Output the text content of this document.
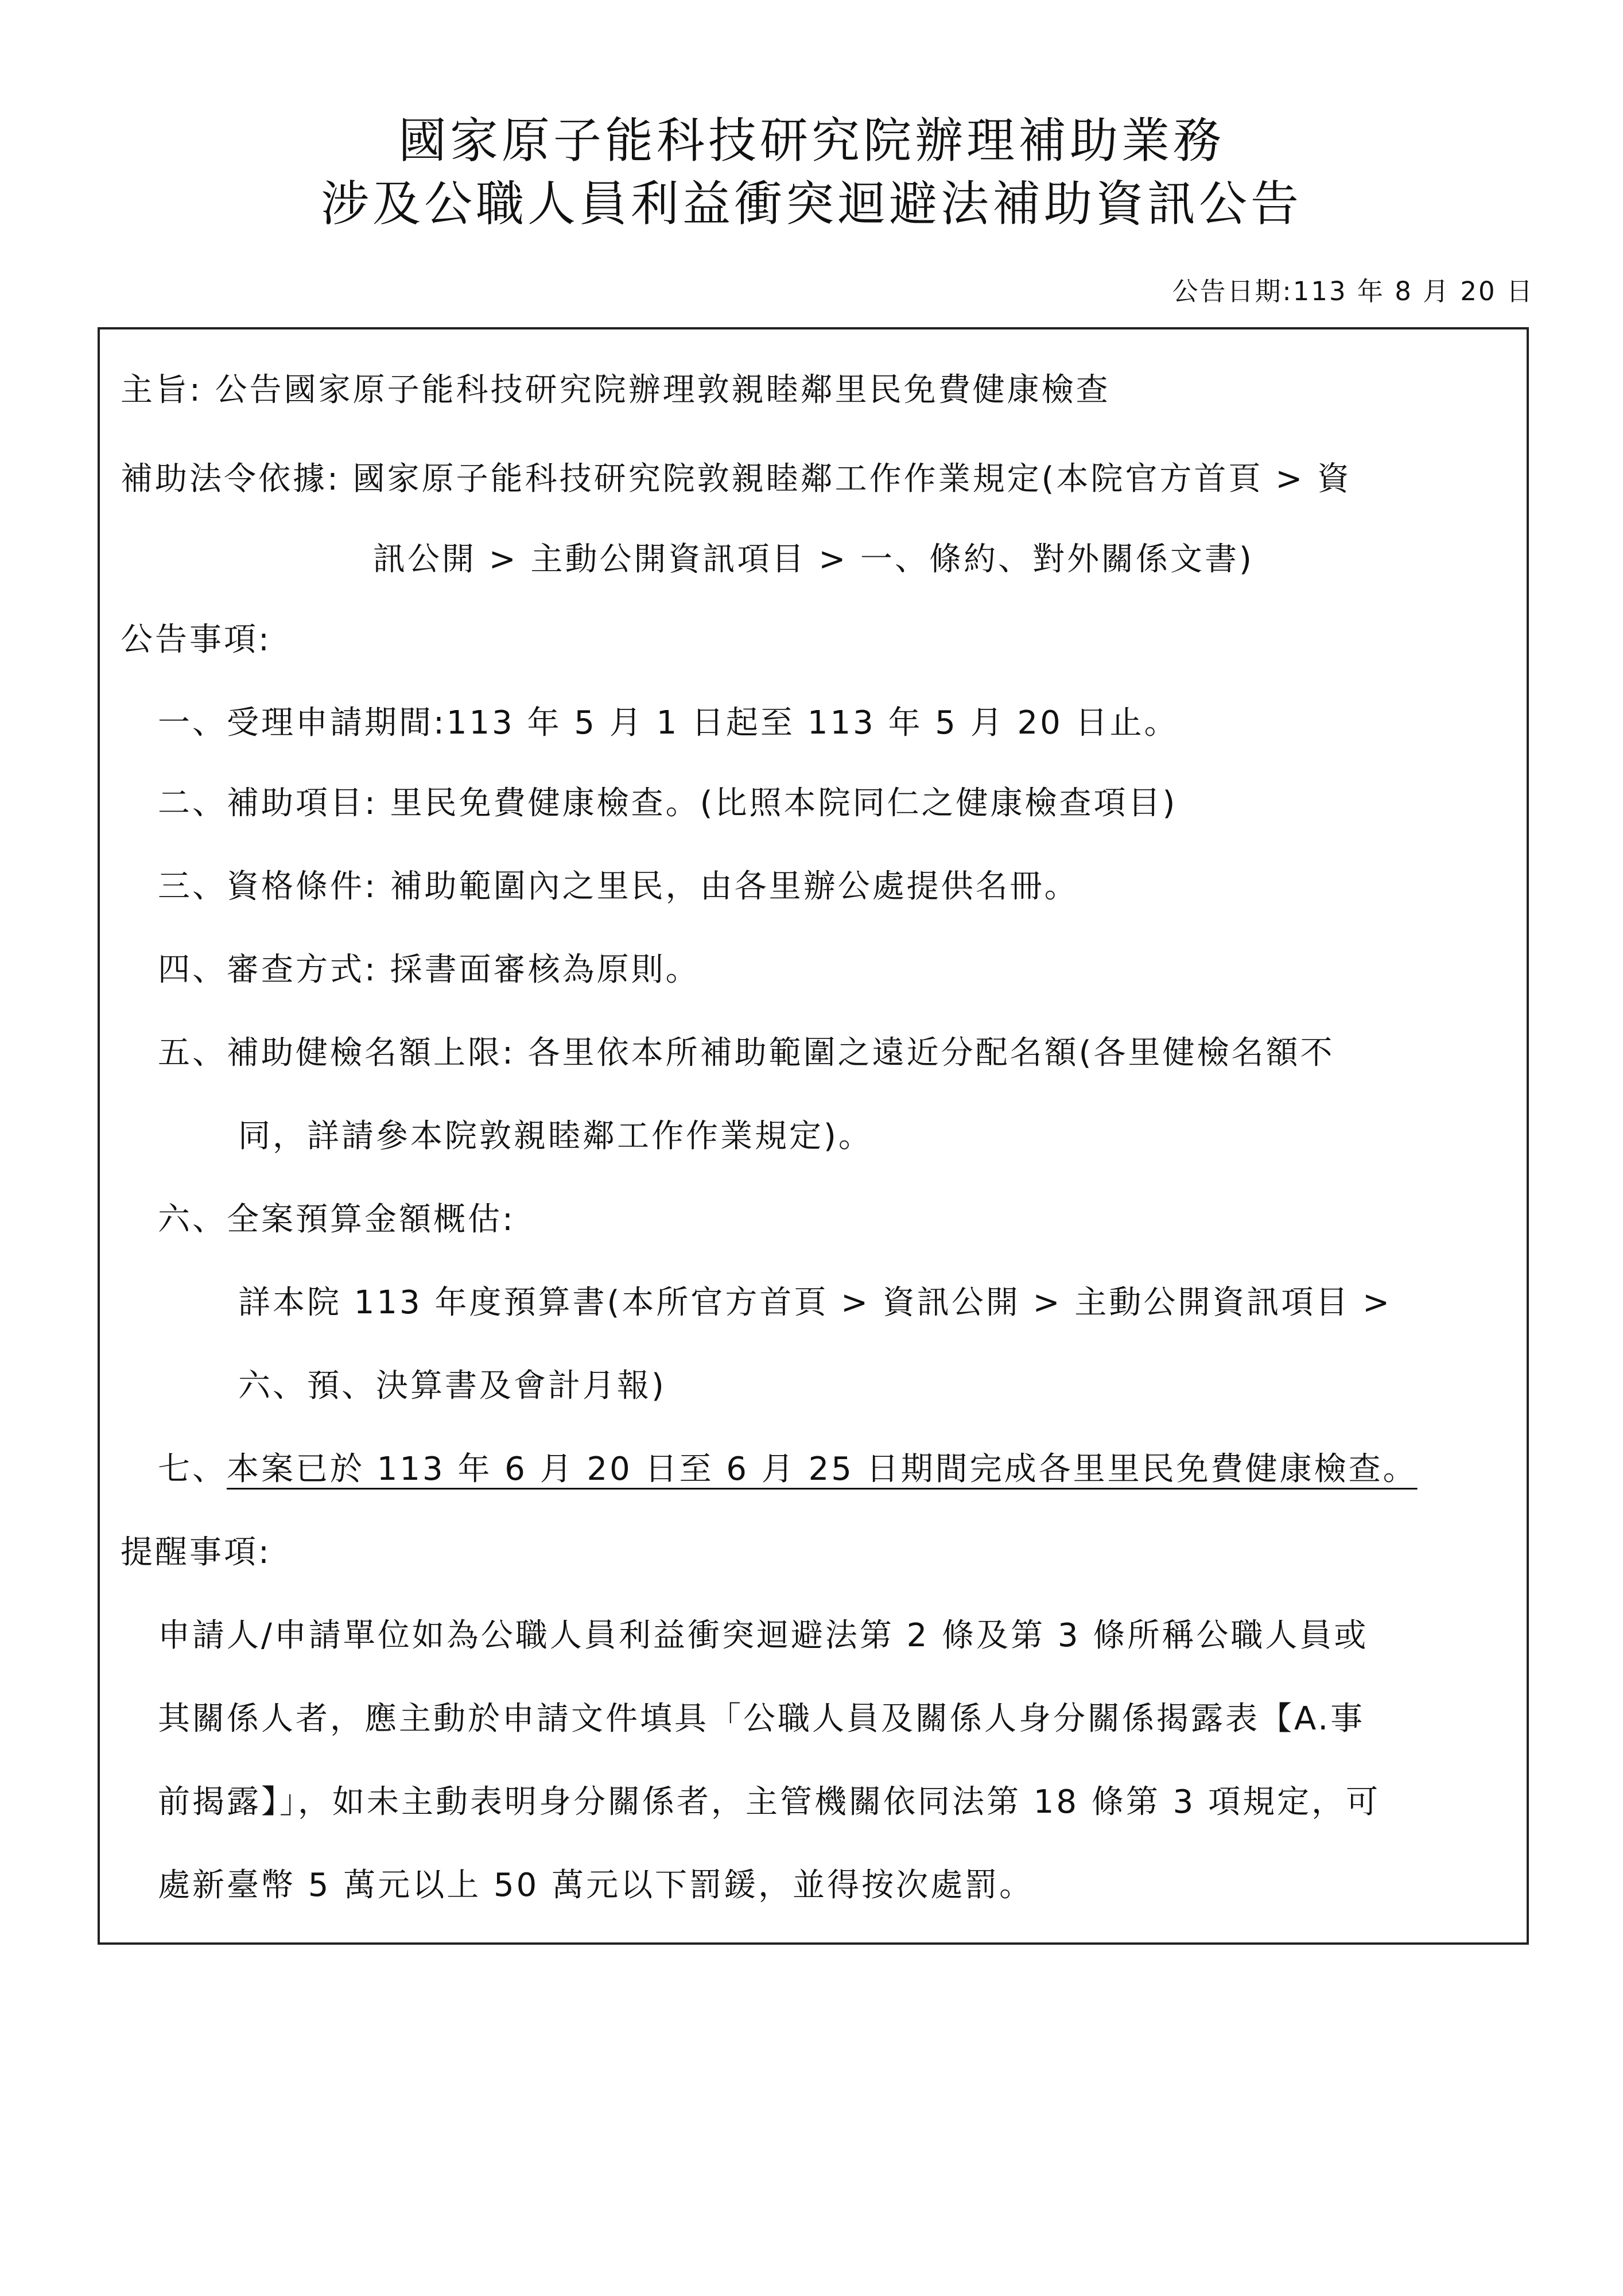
國家原子能科技研究院辦理補助業務
涉及公職人員利益衝突迴避法補助資訊公告
公告日期:113 年 8 月 20 日

主旨: 公告國家原子能科技研究院辦理敦親睦鄰里民免費健康檢查

補助法令依據: 國家原子能科技研究院敦親睦鄰工作作業規定(本院官方首頁 > 資

訊公開 > 主動公開資訊項目 > 一、條約、對外關係文書)

公告事項:

一、受理申請期間:113 年 5 月 1 日起至 113 年 5 月 20 日止。

二、補助項目: 里民免費健康檢查。(比照本院同仁之健康檢查項目)

三、資格條件: 補助範圍內之里民，由各里辦公處提供名冊。

四、審查方式: 採書面審核為原則。

五、補助健檢名額上限: 各里依本所補助範圍之遠近分配名額(各里健檢名額不

同，詳請參本院敦親睦鄰工作作業規定)。

六、全案預算金額概估:

詳本院 113 年度預算書(本所官方首頁 > 資訊公開 > 主動公開資訊項目 >

六、預、決算書及會計月報)

七、本案已於 113 年 6 月 20 日至 6 月 25 日期間完成各里里民免費健康檢查。

提醒事項:

申請人/申請單位如為公職人員利益衝突迴避法第 2 條及第 3 條所稱公職人員或

其關係人者，應主動於申請文件填具「公職人員及關係人身分關係揭露表【A.事

前揭露】」，如未主動表明身分關係者，主管機關依同法第 18 條第 3 項規定，可

處新臺幣 5 萬元以上 50 萬元以下罰鍰，並得按次處罰。
